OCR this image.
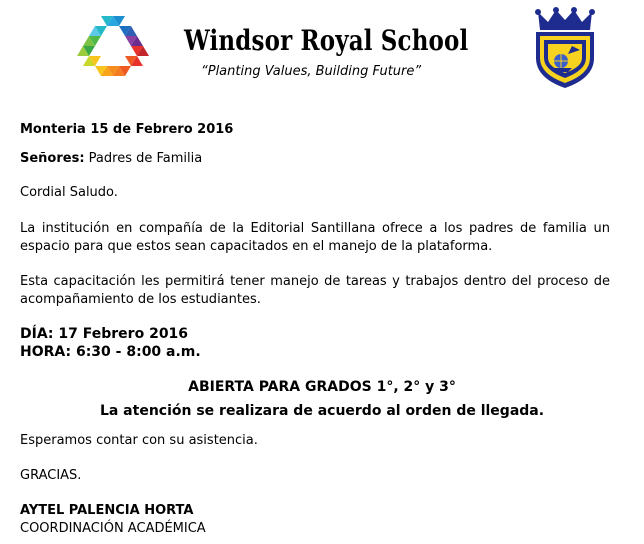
Windsor Royal School
“Planting Values, Building Future”
Monteria 15 de Febrero 2016
Señores: Padres de Familia
Cordial Saludo.
La institución en compañía de la Editorial Santillana ofrece a los padres de familia un espacio para que estos sean capacitados en el manejo de la plataforma.
Esta capacitación les permitirá tener manejo de tareas y trabajos dentro del proceso de acompañamiento de los estudiantes.
DÍA: 17 Febrero 2016
HORA: 6:30 - 8:00 a.m.
ABIERTA PARA GRADOS 1°, 2° y 3°
La atención se realizara de acuerdo al orden de llegada.
Esperamos contar con su asistencia.
GRACIAS.
AYTEL PALENCIA HORTA
COORDINACIÓN ACADÉMICA
